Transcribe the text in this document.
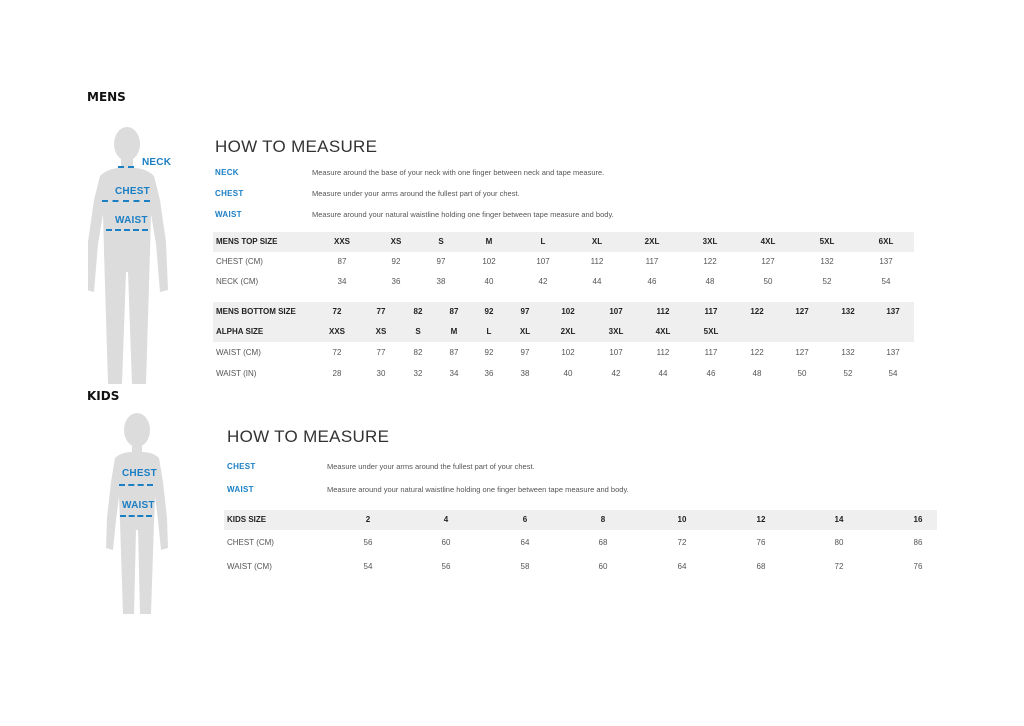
MENS
NECK
CHEST
WAIST
HOW TO MEASURE
NECK	Measure around the base of your neck with one finger between neck and tape measure.
CHEST	Measure under your arms around the fullest part of your chest.
WAIST	Measure around your natural waistline holding one finger between tape measure and body.
MENS TOP SIZE	XXS	XS	S	M	L	XL	2XL	3XL	4XL	5XL	6XL
CHEST (CM)	87	92	97	102	107	112	117	122	127	132	137
NECK (CM)	34	36	38	40	42	44	46	48	50	52	54
MENS BOTTOM SIZE	72	77	82	87	92	97	102	107	112	117	122	127	132	137
ALPHA SIZE	XXS	XS	S	M	L	XL	2XL	3XL	4XL	5XL
WAIST (CM)	72	77	82	87	92	97	102	107	112	117	122	127	132	137
WAIST (IN)	28	30	32	34	36	38	40	42	44	46	48	50	52	54
KIDS
CHEST
WAIST
HOW TO MEASURE
CHEST	Measure under your arms around the fullest part of your chest.
WAIST	Measure around your natural waistline holding one finger between tape measure and body.
KIDS SIZE	2	4	6	8	10	12	14	16
CHEST (CM)	56	60	64	68	72	76	80	86
WAIST (CM)	54	56	58	60	64	68	72	76
